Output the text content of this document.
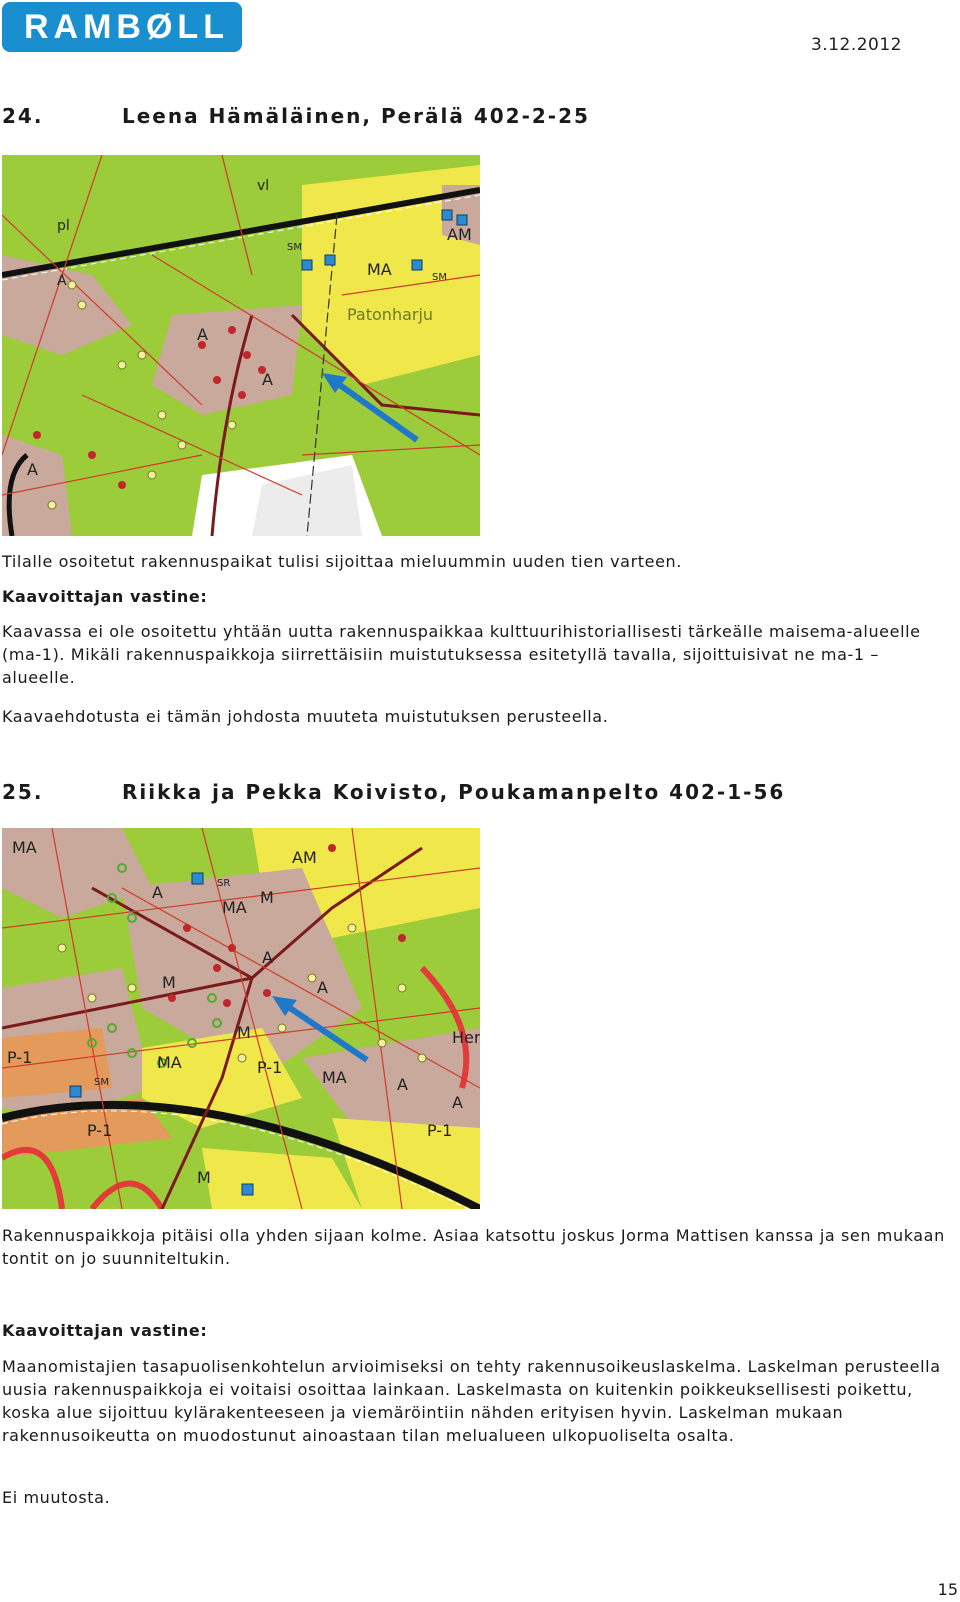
RAMBØLL	3.12.2012
24.	Leena Hämäläinen, Perälä 402-2-25
pl
vl
SM
AM
MA	SM
Patonharju
A
A
A
A

Tilalle osoitetut rakennuspaikat tulisi sijoittaa mieluummin uuden tien varteen.

Kaavoittajan vastine:

Kaavassa ei ole osoitettu yhtään uutta rakennuspaikkaa kulttuurihistoriallisesti tärkeälle maisema-alueelle (ma-1). Mikäli rakennuspaikkoja siirrettäisiin muistutuksessa esitetyllä tavalla, sijoittuisivat ne ma-1 –alueelle.

Kaavaehdotusta ei tämän johdosta muuteta muistutuksen perusteella.

25.	Riikka ja Pekka Koivisto, Poukamanpelto 402-1-56
MA
AM
SR
A
MA
M
A
A
M
MA
P-1
P-1
M
MA	A
SM
P-1	P-1
M
A
Her

Rakennuspaikkoja pitäisi olla yhden sijaan kolme. Asiaa katsottu joskus Jorma Mattisen kanssa ja sen mukaan tontit on jo suunniteltukin.

Kaavoittajan vastine:

Maanomistajien tasapuolisenkohtelun arvioimiseksi on tehty rakennusoikeuslaskelma. Laskelman perusteella uusia rakennuspaikkoja ei voitaisi osoittaa lainkaan. Laskelmasta on kuitenkin poikkeuksellisesti poikettu, koska alue sijoittuu kylärakenteeseen ja viemäröintiin nähden erityisen hyvin. Laskelman mukaan rakennusoikeutta on muodostunut ainoastaan tilan melualueen ulkopuoliselta osalta.

Ei muutosta.

15
